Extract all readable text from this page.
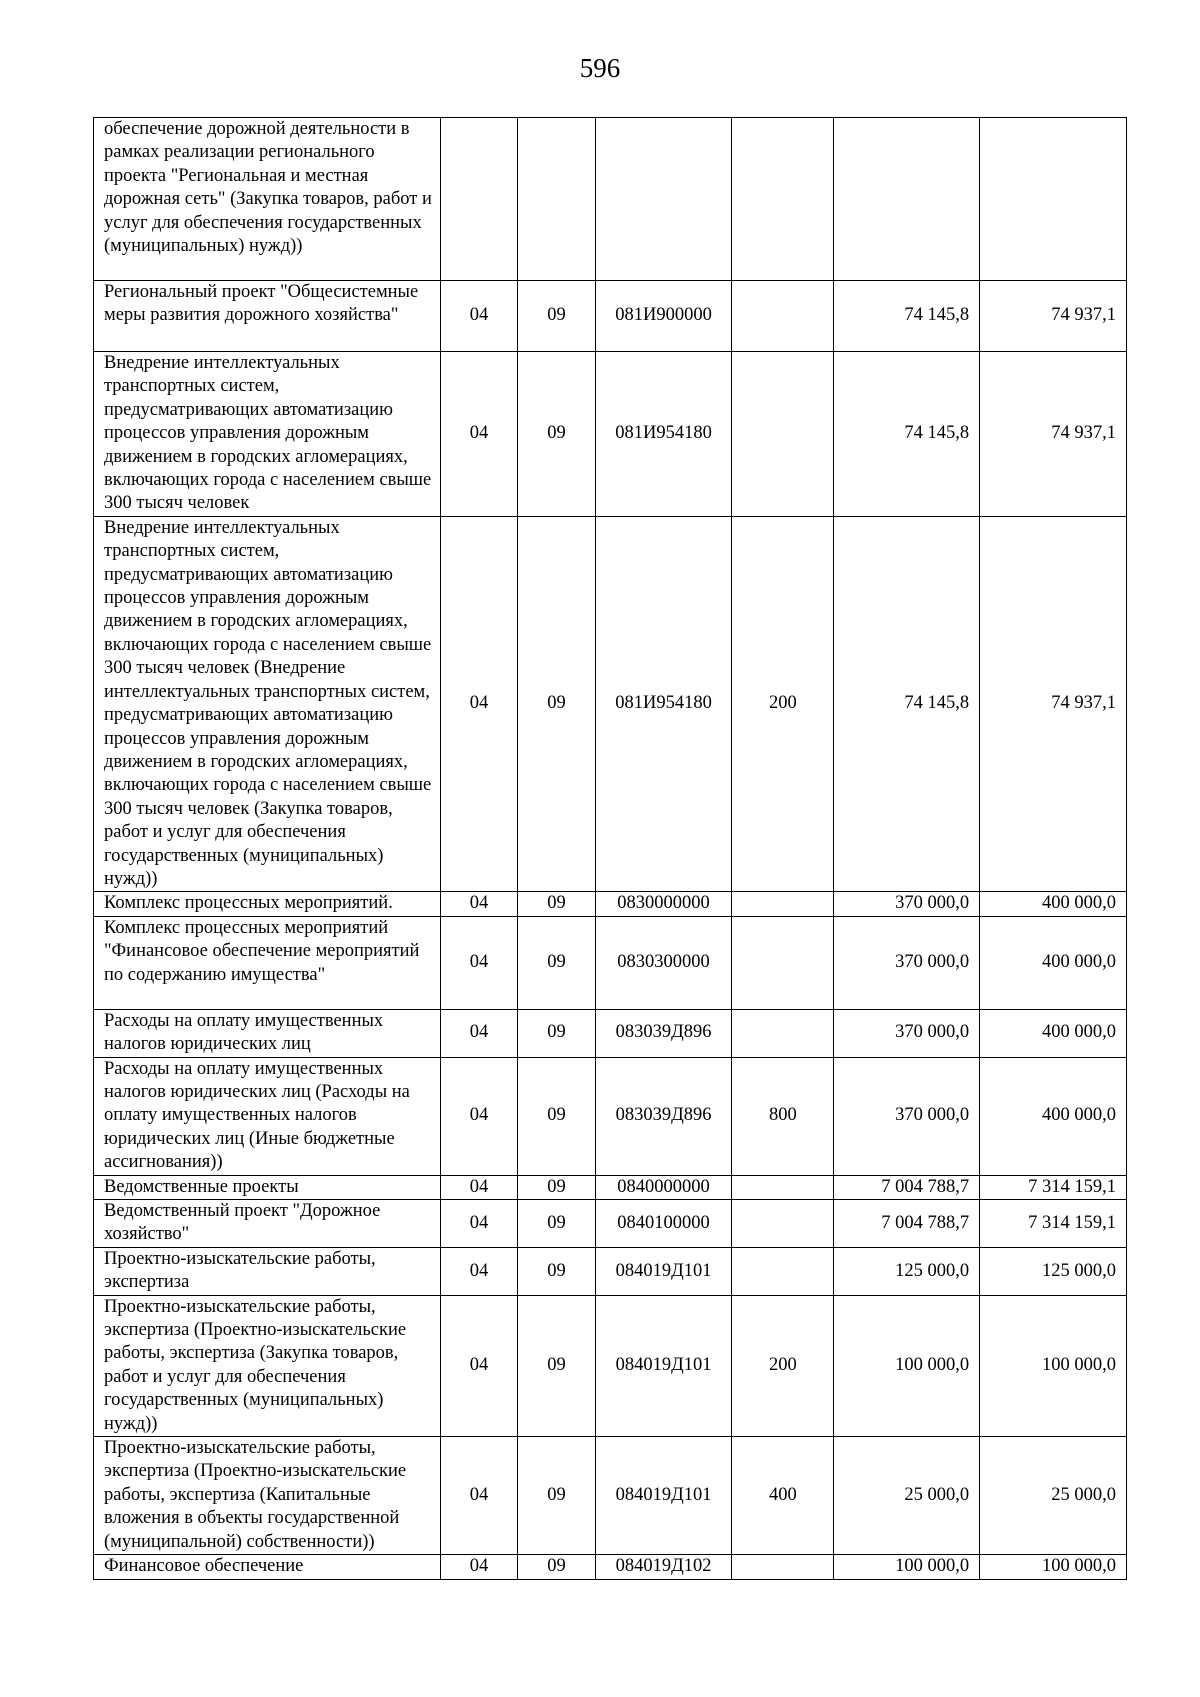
596
обеспечение дорожной деятельности в рамках реализации регионального проекта "Региональная и местная дорожная сеть" (Закупка товаров, работ и услуг для обеспечения государственных (муниципальных) нужд))						
Региональный проект "Общесистемные меры развития дорожного хозяйства"	04	09	081И900000		74 145,8	74 937,1
Внедрение интеллектуальных транспортных систем, предусматривающих автоматизацию процессов управления дорожным движением в городских агломерациях, включающих города с населением свыше 300 тысяч человек	04	09	081И954180		74 145,8	74 937,1
Внедрение интеллектуальных транспортных систем, предусматривающих автоматизацию процессов управления дорожным движением в городских агломерациях, включающих города с населением свыше 300 тысяч человек (Внедрение интеллектуальных транспортных систем, предусматривающих автоматизацию процессов управления дорожным движением в городских агломерациях, включающих города с населением свыше 300 тысяч человек (Закупка товаров, работ и услуг для обеспечения государственных (муниципальных) нужд))	04	09	081И954180	200	74 145,8	74 937,1
Комплекс процессных мероприятий.	04	09	0830000000		370 000,0	400 000,0
Комплекс процессных мероприятий "Финансовое обеспечение мероприятий по содержанию имущества"	04	09	0830300000		370 000,0	400 000,0
Расходы на оплату имущественных налогов юридических лиц	04	09	083039Д896		370 000,0	400 000,0
Расходы на оплату имущественных налогов юридических лиц (Расходы на оплату имущественных налогов юридических лиц (Иные бюджетные ассигнования))	04	09	083039Д896	800	370 000,0	400 000,0
Ведомственные проекты	04	09	0840000000		7 004 788,7	7 314 159,1
Ведомственный проект "Дорожное хозяйство"	04	09	0840100000		7 004 788,7	7 314 159,1
Проектно-изыскательские работы, экспертиза	04	09	084019Д101		125 000,0	125 000,0
Проектно-изыскательские работы, экспертиза (Проектно-изыскательские работы, экспертиза (Закупка товаров, работ и услуг для обеспечения государственных (муниципальных) нужд))	04	09	084019Д101	200	100 000,0	100 000,0
Проектно-изыскательские работы, экспертиза (Проектно-изыскательские работы, экспертиза (Капитальные вложения в объекты государственной (муниципальной) собственности))	04	09	084019Д101	400	25 000,0	25 000,0
Финансовое обеспечение	04	09	084019Д102		100 000,0	100 000,0
